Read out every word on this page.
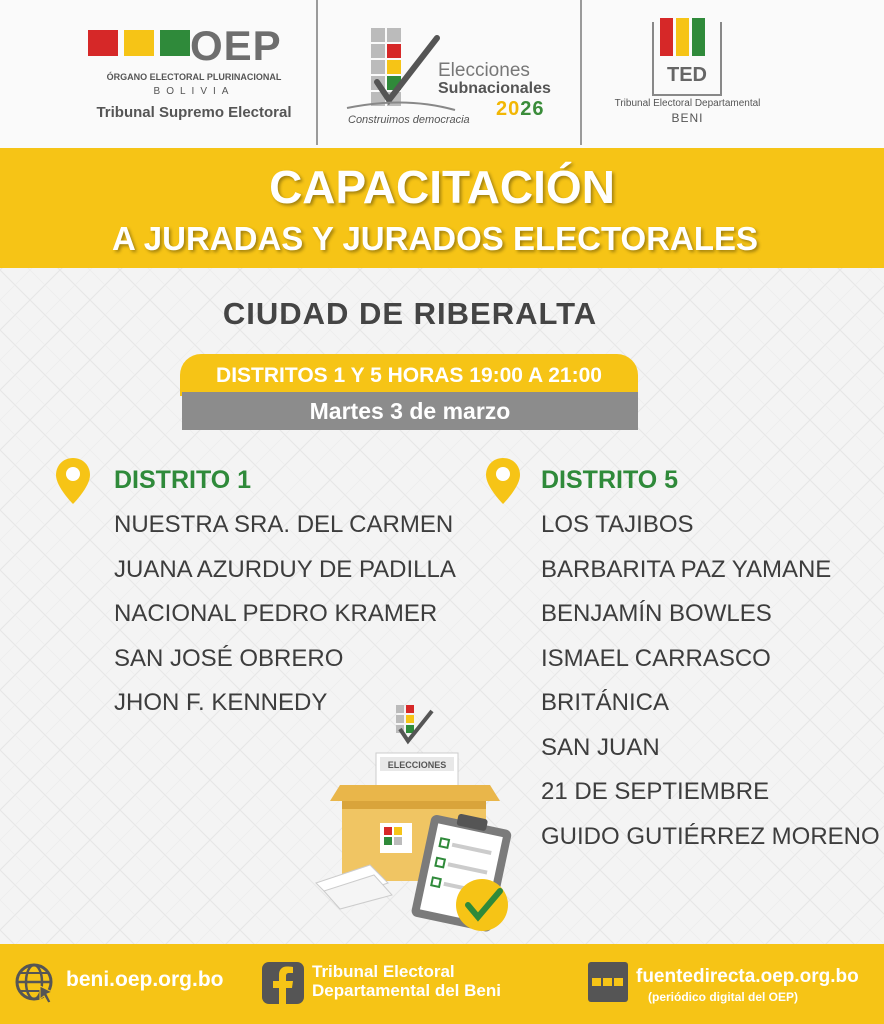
OEP
ÓRGANO ELECTORAL PLURINACIONAL
BOLIVIA
Tribunal Supremo Electoral
Elecciones
Subnacionales
2026
Construimos democracia
TED
Tribunal Electoral Departamental
BENI
CAPACITACIÓN
A JURADAS Y JURADOS ELECTORALES
CIUDAD DE RIBERALTA
DISTRITOS 1 Y 5 HORAS 19:00 A 21:00
Martes 3 de marzo
DISTRITO 1
NUESTRA SRA. DEL CARMEN
JUANA AZURDUY DE PADILLA
NACIONAL PEDRO KRAMER
SAN JOSÉ OBRERO
JHON F. KENNEDY
DISTRITO 5
LOS TAJIBOS
BARBARITA PAZ YAMANE
BENJAMÍN BOWLES
ISMAEL CARRASCO
BRITÁNICA
SAN JUAN
21 DE SEPTIEMBRE
GUIDO GUTIÉRREZ MORENO
ELECCIONES
beni.oep.org.bo	Tribunal Electoral
Departamental del Beni
fuentedirecta.oep.org.bo
(periódico digital del OEP)
